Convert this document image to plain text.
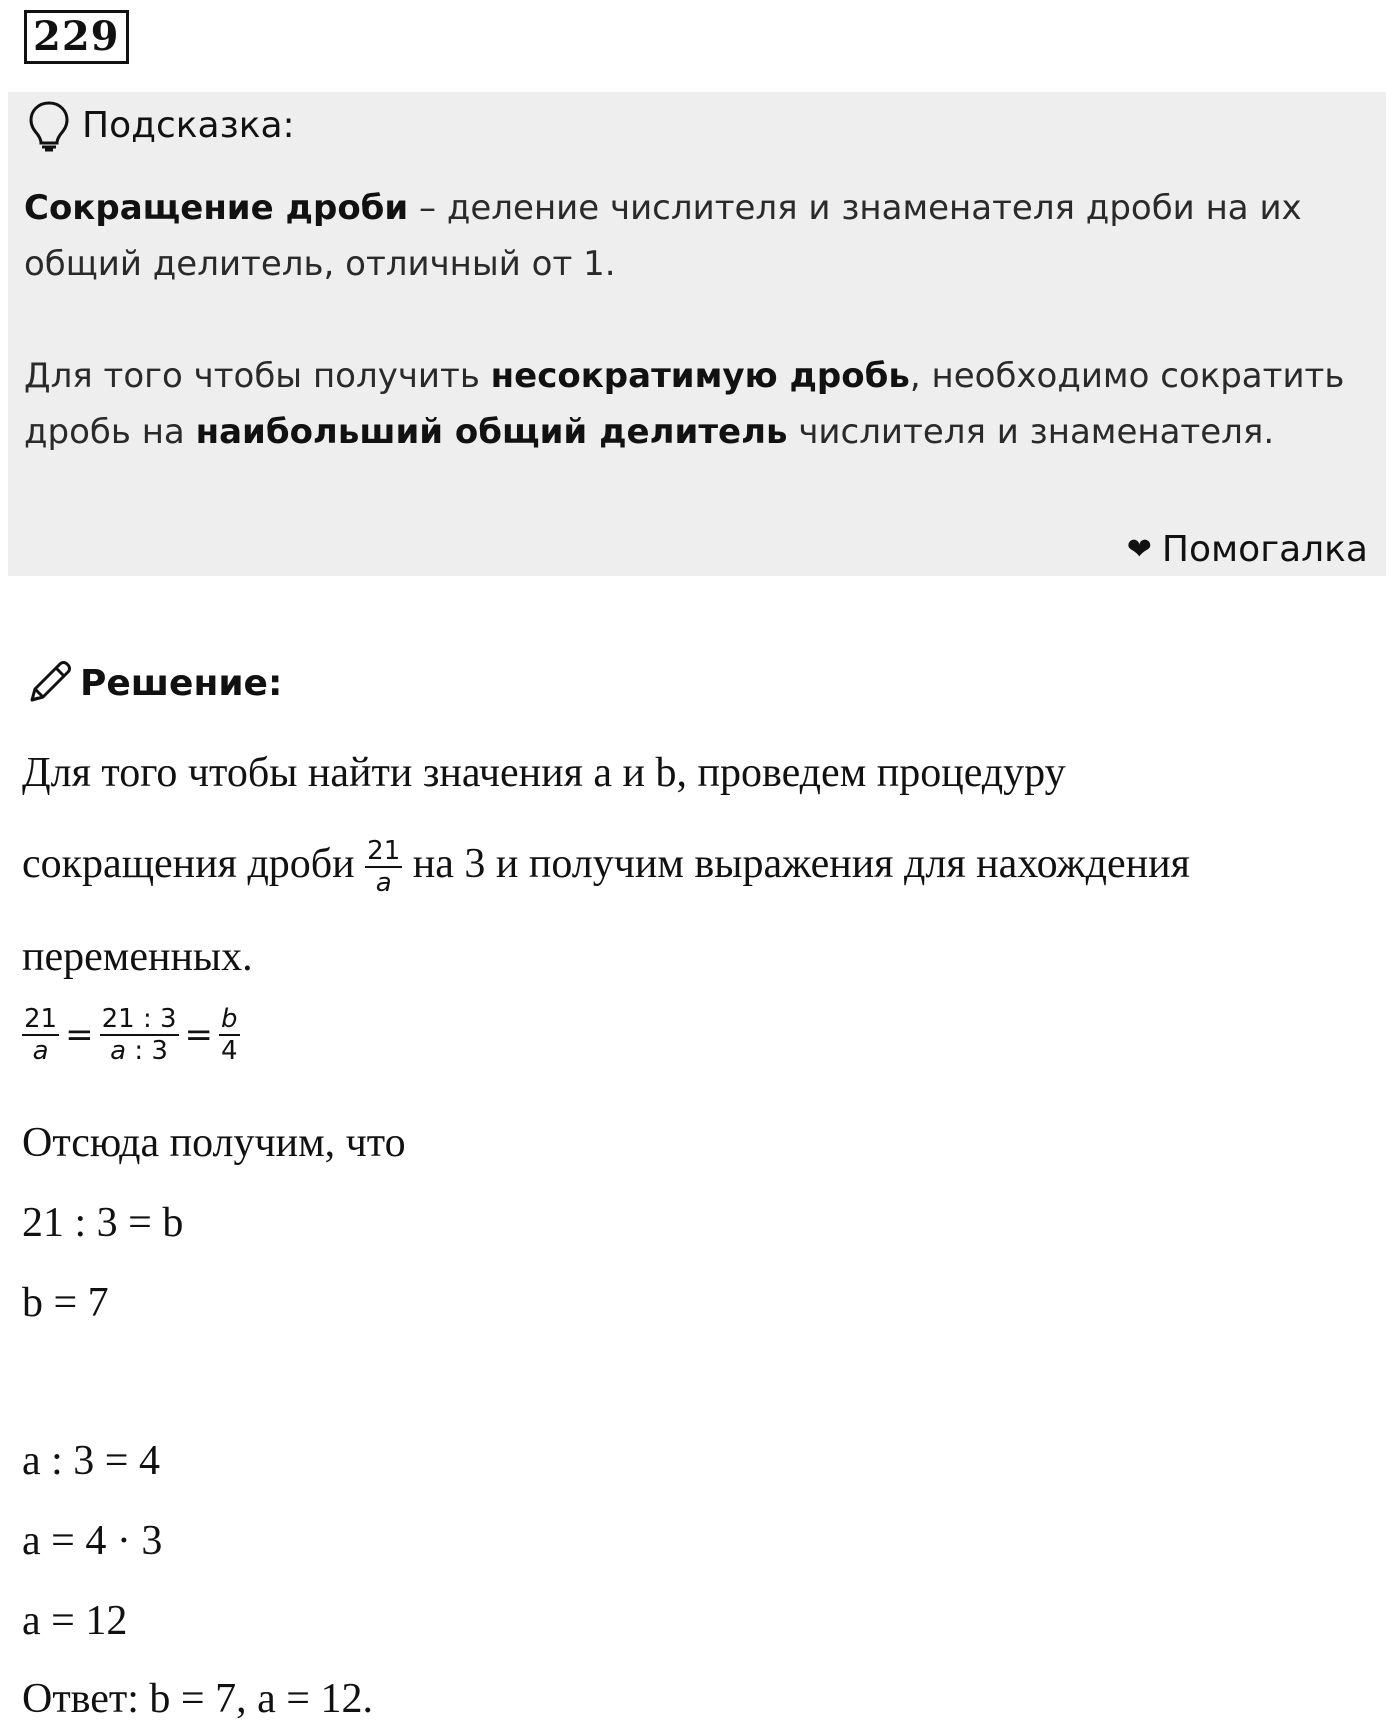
229
Подсказка:
Сокращение дроби – деление числителя и знаменателя дроби на их общий делитель, отличный от 1.
Для того чтобы получить несократимую дробь, необходимо сократить дробь на наибольший общий делитель числителя и знаменателя.
❤ Помогалка
Решение:
Для того чтобы найти значения a и b, проведем процедуру
сокращения дроби $\frac{21}{a}$ на 3 и получим выражения для нахождения
переменных.
$\frac{21}{a} = \frac{21 : 3}{a : 3} = \frac{b}{4}$
Отсюда получим, что
21 : 3 = b
b = 7
a : 3 = 4
a = 4 · 3
a = 12
Ответ: b = 7, a = 12.
